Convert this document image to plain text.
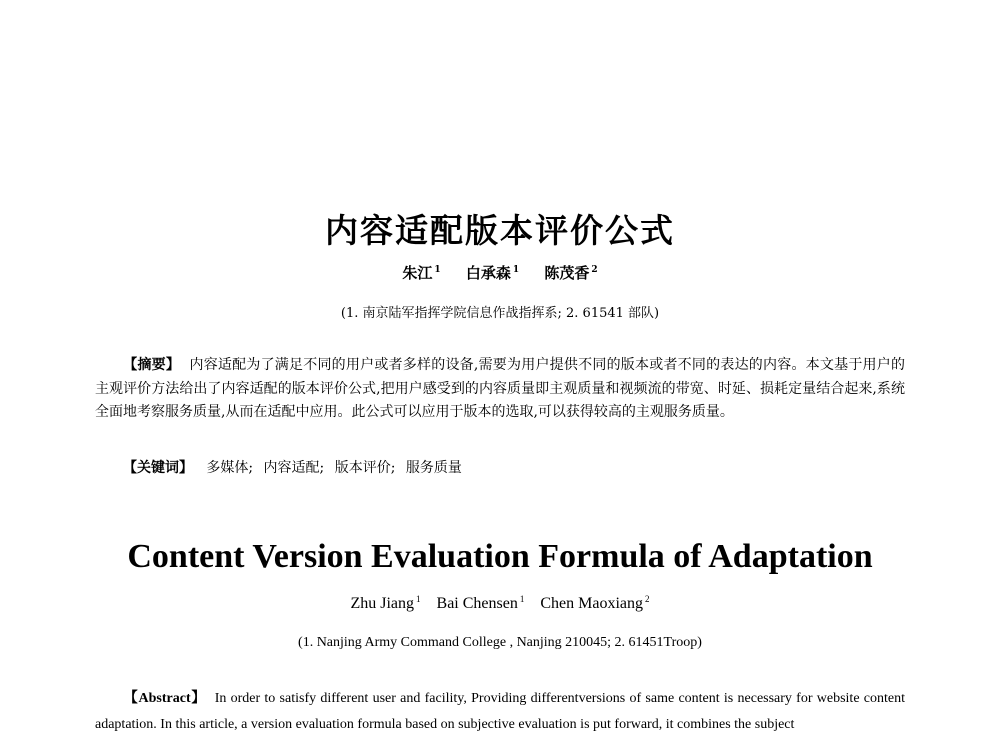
内容适配版本评价公式
朱江 $^1$ 白承森 $^1$ 陈茂香 $^2$
(1. 南京陆军指挥学院信息作战指挥系; 2. 61541 部队)
【摘要】 内容适配为了满足不同的用户或者多样的设备,需要为用户提供不同的版本或者不同的表达的内容。本文基于用户的主观评价方法给出了内容适配的版本评价公式,把用户感受到的内容质量即主观质量和视频流的带宽、时延、损耗定量结合起来,系统全面地考察服务质量,从而在适配中应用。此公式可以应用于版本的选取,可以获得较高的主观服务质量。
【关键词】 多媒体; 内容适配; 版本评价; 服务质量
Content Version Evaluation Formula of Adaptation
Zhu Jiang $^1$ Bai Chensen $^1$ Chen Maoxiang $^2$
(1. Nanjing Army Command College , Nanjing 210045; 2. 61451Troop)
【Abstract】 In order to satisfy different user and facility, Providing differentversions of same content is necessary for website content adaptation. In this article, a version evaluation formula based on subjective evaluation is put forward, it combines the subject
